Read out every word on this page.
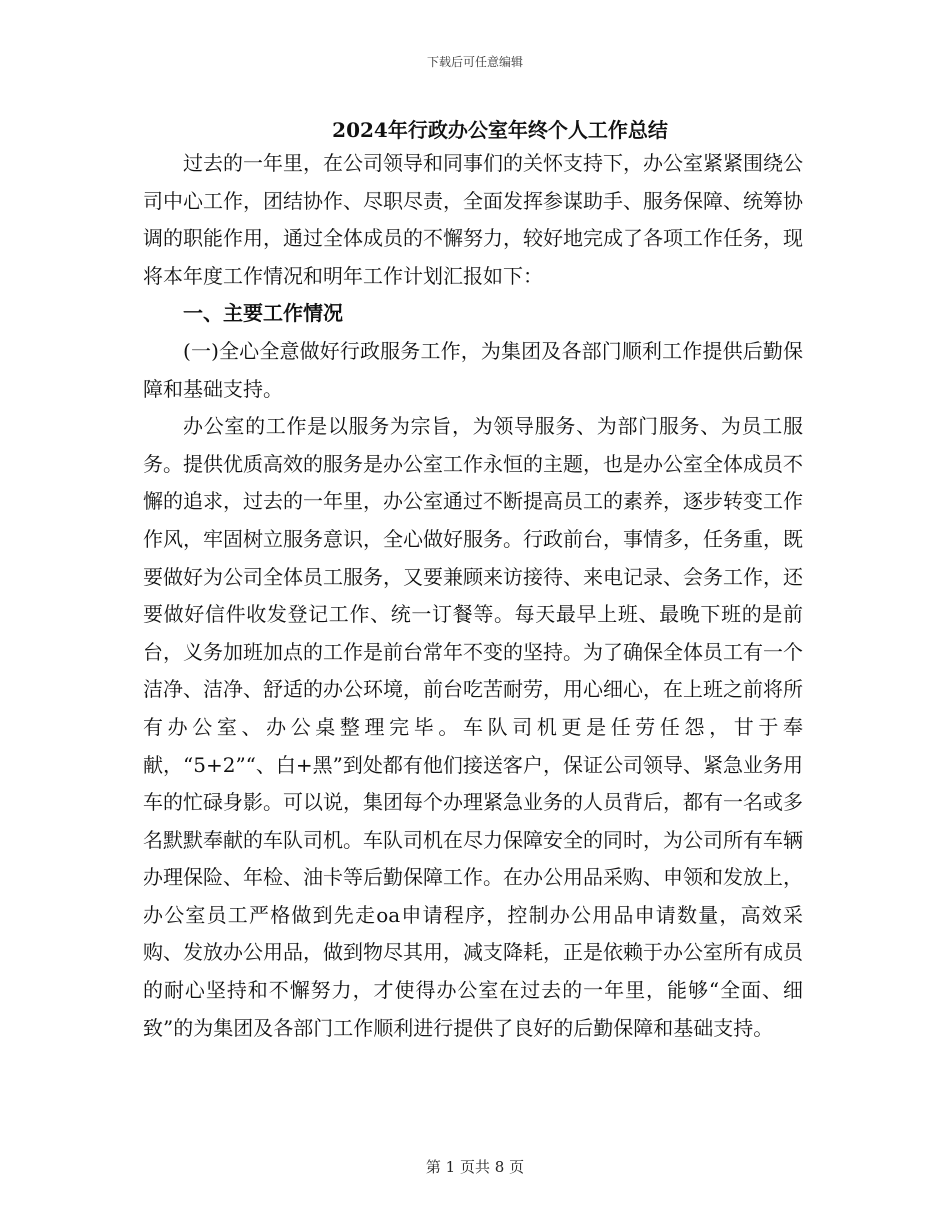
下载后可任意编辑
2024年行政办公室年终个人工作总结

过去的一年里，在公司领导和同事们的关怀支持下，办公室紧紧围绕公司中心工作，团结协作、尽职尽责，全面发挥参谋助手、服务保障、统筹协调的职能作用，通过全体成员的不懈努力，较好地完成了各项工作任务，现将本年度工作情况和明年工作计划汇报如下：

一、主要工作情况

(一)全心全意做好行政服务工作，为集团及各部门顺利工作提供后勤保障和基础支持。

办公室的工作是以服务为宗旨，为领导服务、为部门服务、为员工服务。提供优质高效的服务是办公室工作永恒的主题，也是办公室全体成员不懈的追求，过去的一年里，办公室通过不断提高员工的素养，逐步转变工作作风，牢固树立服务意识，全心做好服务。行政前台，事情多，任务重，既要做好为公司全体员工服务，又要兼顾来访接待、来电记录、会务工作，还要做好信件收发登记工作、统一订餐等。每天最早上班、最晚下班的是前台，义务加班加点的工作是前台常年不变的坚持。为了确保全体员工有一个洁净、洁净、舒适的办公环境，前台吃苦耐劳，用心细心，在上班之前将所有办公室、办公桌整理完毕。车队司机更是任劳任怨，甘于奉献，“5+2”“、白+黑”到处都有他们接送客户，保证公司领导、紧急业务用车的忙碌身影。可以说，集团每个办理紧急业务的人员背后，都有一名或多名默默奉献的车队司机。车队司机在尽力保障安全的同时，为公司所有车辆办理保险、年检、油卡等后勤保障工作。在办公用品采购、申领和发放上，办公室员工严格做到先走oa申请程序，控制办公用品申请数量，高效采购、发放办公用品，做到物尽其用，减支降耗，正是依赖于办公室所有成员的耐心坚持和不懈努力，才使得办公室在过去的一年里，能够“全面、细致”的为集团及各部门工作顺利进行提供了良好的后勤保障和基础支持。

第 1 页共 8 页
